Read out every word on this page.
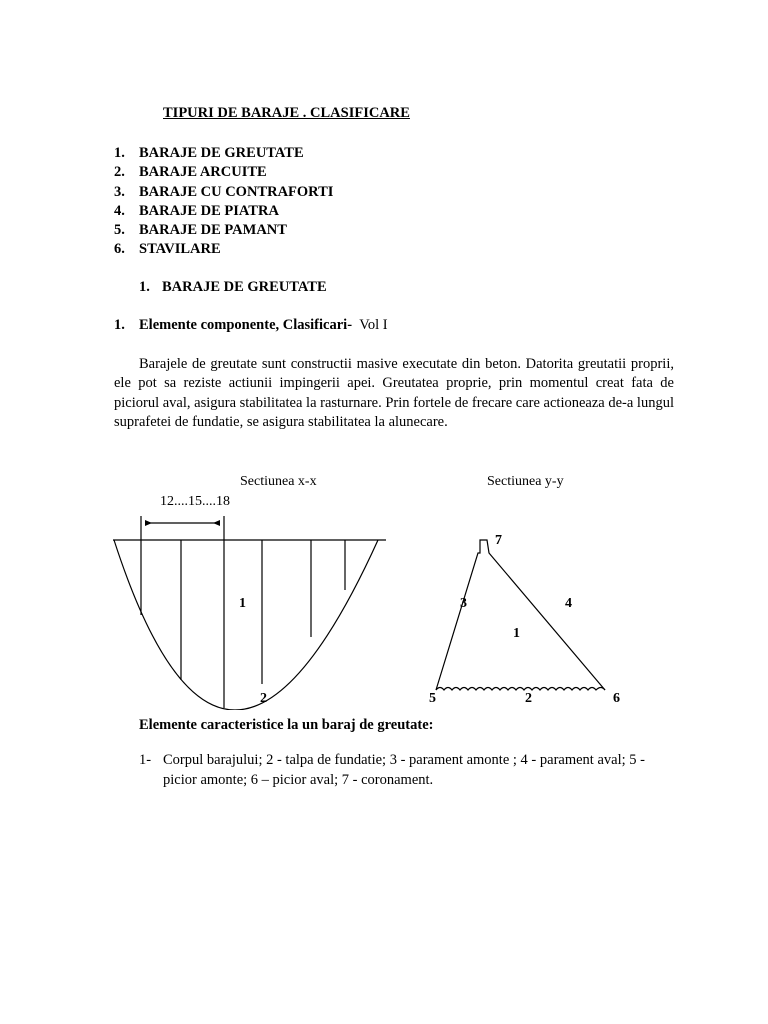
TIPURI DE BARAJE . CLASIFICARE
1. BARAJE DE GREUTATE
2. BARAJE ARCUITE
3. BARAJE CU CONTRAFORTI
4. BARAJE DE PIATRA
5. BARAJE DE PAMANT
6. STAVILARE
1. BARAJE DE GREUTATE
1. Elemente componente, Clasificari- Vol I

Barajele de greutate sunt constructii masive executate din beton. Datorita greutatii proprii, ele pot sa reziste actiunii impingerii apei. Greutatea proprie, prin momentul creat fata de piciorul aval, asigura stabilitatea la rasturnare. Prin fortele de frecare care actioneaza de-a lungul suprafetei de fundatie, se asigura stabilitatea la alunecare.

Sectiunea x-x
12....15....18
1
2
Sectiunea y-y
7
3	4
1
2
5	6
Elemente caracteristice la un baraj de greutate:
1- Corpul barajului; 2 - talpa de fundatie; 3 - parament amonte ; 4 - parament aval; 5 - picior amonte; 6 – picior aval; 7 - coronament.
